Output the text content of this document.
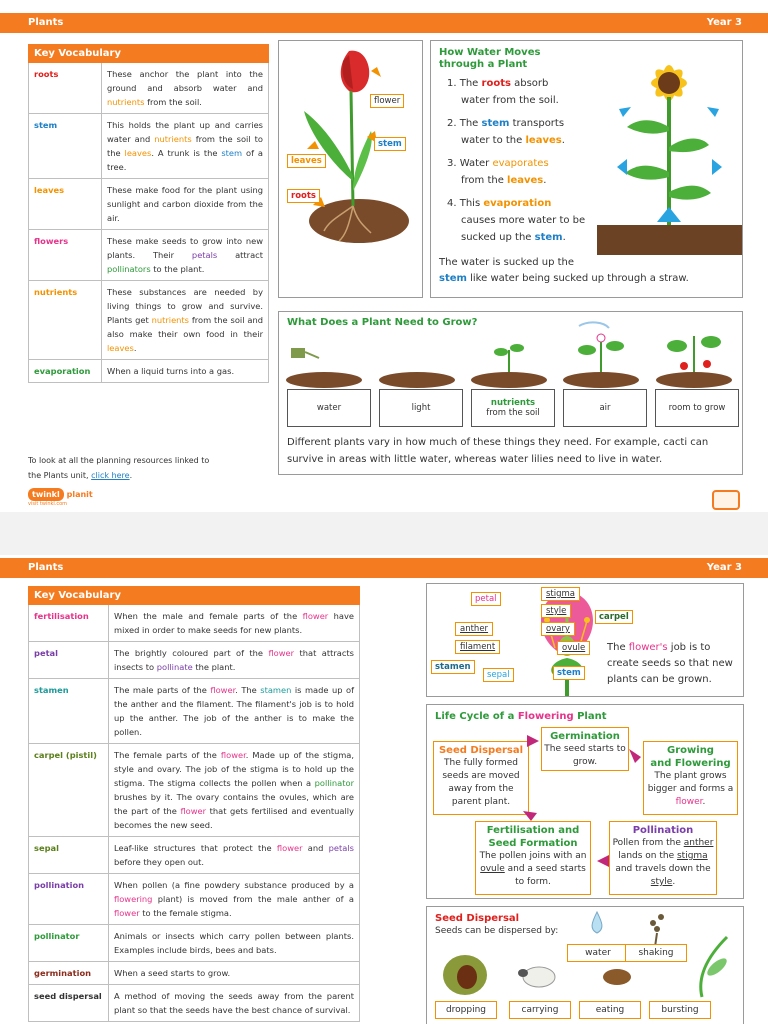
Plants	Year 3
Key Vocabulary	
roots	These anchor the plant into the ground and absorb water and nutrients from the soil.
stem	This holds the plant up and carries water and nutrients from the soil to the leaves. A trunk is the stem of a tree.
leaves	These make food for the plant using sunlight and carbon dioxide from the air.
flowers	These make seeds to grow into new plants. Their petals attract pollinators to the plant.
nutrients	These substances are needed by living things to grow and survive. Plants get nutrients from the soil and also make their own food in their leaves.
evaporation	When a liquid turns into a gas.
flower
stem
leaves
roots
How Water Moves
through a Plant
1. The roots absorb
water from the soil.
2. The stem transports
water to the leaves.
3. Water evaporates
from the leaves.
4. This evaporation
causes more water to be
sucked up the stem.
The water is sucked up the
stem like water being sucked up through a straw.
What Does a Plant Need to Grow?
water	light	nutrients
from the soil	air	room to grow
Different plants vary in how much of these things they need. For example, cacti can survive in areas with little water, whereas water lilies need to live in water.
To look at all the planning resources linked to
the Plants unit, click here.
twinkl planit
visit twinkl.com
Plants	Year 3
Key Vocabulary	
fertilisation	When the male and female parts of the flower have mixed in order to make seeds for new plants.
petal	The brightly coloured part of the flower that attracts insects to pollinate the plant.
stamen	The male parts of the flower. The stamen is made up of the anther and the filament. The filament's job is to hold up the anther. The job of the anther is to make the pollen.
carpel (pistil)	The female parts of the flower. Made up of the stigma, style and ovary. The job of the stigma is to hold up the stigma. The stigma collects the pollen when a pollinator brushes by it. The ovary contains the ovules, which are the part of the flower that gets fertilised and eventually becomes the new seed.
sepal	Leaf-like structures that protect the flower and petals before they open out.
pollination	When pollen (a fine powdery substance produced by a flowering plant) is moved from the male anther of a flower to the female stigma.
pollinator	Animals or insects which carry pollen between plants. Examples include birds, bees and bats.
germination	When a seed starts to grow.
seed dispersal	A method of moving the seeds away from the parent plant so that the seeds have the best chance of survival.
petal	stigma
style
carpel
ovary
anther
filament	ovule
stamen
sepal	stem
The flower's job is to create seeds so that new plants can be grown.
Life Cycle of a Flowering Plant
Germination
The seed starts to grow.
Growing
and Flowering
The plant grows bigger and forms a flower.
Seed Dispersal
The fully formed seeds are moved away from the parent plant.
Fertilisation and
Seed Formation
The pollen joins with an ovule and a seed starts to form.
Pollination
Pollen from the anther lands on the stigma and travels down the style.
Seed Dispersal
Seeds can be dispersed by:
water	shaking
dropping	carrying	eating	bursting
